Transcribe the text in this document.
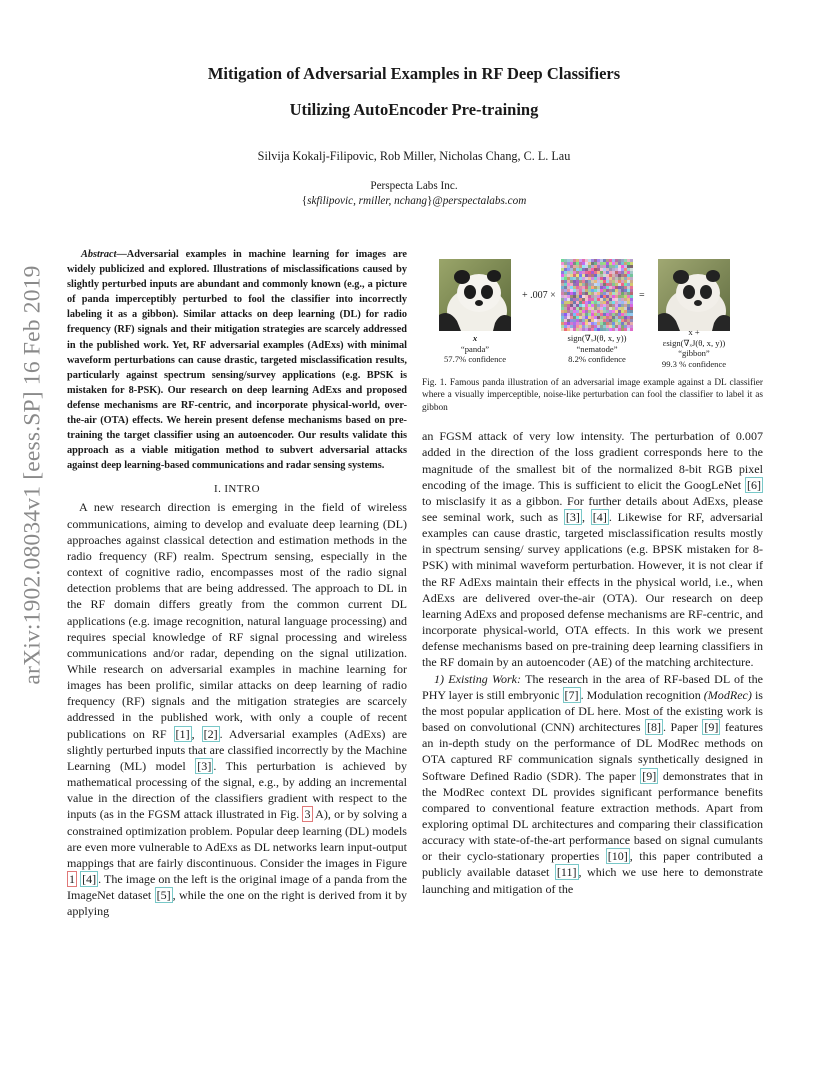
arXiv:1902.08034v1 [eess.SP] 16 Feb 2019
Mitigation of Adversarial Examples in RF Deep Classifiers
Utilizing AutoEncoder Pre-training
Silvija Kokalj-Filipovic, Rob Miller, Nicholas Chang, C. L. Lau
Perspecta Labs Inc.
{skfilipovic, rmiller, nchang}@perspectalabs.com

Abstract—Adversarial examples in machine learning for images are widely publicized and explored. Illustrations of misclassifications caused by slightly perturbed inputs are abundant and commonly known (e.g., a picture of panda imperceptibly perturbed to fool the classifier into incorrectly labeling it as a gibbon). Similar attacks on deep learning (DL) for radio frequency (RF) signals and their mitigation strategies are scarcely addressed in the published work. Yet, RF adversarial examples (AdExs) with minimal waveform perturbations can cause drastic, targeted misclassification results, particularly against spectrum sensing/survey applications (e.g. BPSK is mistaken for 8-PSK). Our research on deep learning AdExs and proposed defense mechanisms are RF-centric, and incorporate physical-world, over-the-air (OTA) effects. We herein present defense mechanisms based on pre-training the target classifier using an autoencoder. Our results validate this approach as a viable mitigation method to subvert adversarial attacks against deep learning-based communications and radar sensing systems.

I. INTRO

A new research direction is emerging in the field of wireless communications, aiming to develop and evaluate deep learning (DL) approaches against classical detection and estimation methods in the radio frequency (RF) realm. Spectrum sensing, especially in the context of cognitive radio, encompasses most of the radio signal detection problems that are being addressed. The approach to DL in the RF domain differs greatly from the common current DL applications (e.g. image recognition, natural language processing) and requires special knowledge of RF signal processing and wireless communications and/or radar, depending on the signal utilization. While research on adversarial examples in machine learning for images has been prolific, similar attacks on deep learning of radio frequency (RF) signals and the mitigation strategies are scarcely addressed in the published work, with only a couple of recent publications on RF [1] , [2] . Adversarial examples (AdExs) are slightly perturbed inputs that are classified incorrectly by the Machine Learning (ML) model [3] . This perturbation is achieved by mathematical processing of the signal, e.g., by adding an incremental value in the direction of the classifiers gradient with respect to the inputs (as in the FGSM attack illustrated in Fig. 3 A), or by solving a constrained optimization problem. Popular deep learning (DL) models are even more vulnerable to AdExs as DL networks learn input-output mappings that are fairly discontinuous. Consider the images in Figure 1 [4] . The image on the left is the original image of a panda from the ImageNet dataset [5] , while the one on the right is derived from it by applying

+ .007 ×	=
x
“panda”
57.7% confidence
sign(∇ₓJ(θ, x, y))
“nematode”
8.2% confidence
x +
εsign(∇ₓJ(θ, x, y))
“gibbon”
99.3 % confidence

Fig. 1. Famous panda illustration of an adversarial image example against a DL classifier where a visually imperceptible, noise-like perturbation can fool the classifier to label it as gibbon

an FGSM attack of very low intensity. The perturbation of 0.007 added in the direction of the loss gradient corresponds here to the magnitude of the smallest bit of the normalized 8-bit RGB pixel encoding of the image. This is sufficient to elicit the GoogLeNet [6] to misclasify it as a gibbon. For further details about AdExs, please see seminal work, such as [3] , [4] . Likewise for RF, adversarial examples can cause drastic, targeted misclassification results mostly in spectrum sensing/ survey applications (e.g. BPSK mistaken for 8-PSK) with minimal waveform perturbation. However, it is not clear if the RF AdExs maintain their effects in the physical world, i.e., when AdExs are delivered over-the-air (OTA). Our research on deep learning AdExs and proposed defense mechanisms are RF-centric, and incorporate physical-world, OTA effects. In this work we present defense mechanisms based on pre-training deep learning classifiers in the RF domain by an autoencoder (AE) of the matching architecture.

1) Existing Work: The research in the area of RF-based DL of the PHY layer is still embryonic [7] . Modulation recognition (ModRec) is the most popular application of DL here. Most of the existing work is based on convolutional (CNN) architectures [8] . Paper [9] features an in-depth study on the performance of DL ModRec methods on OTA captured RF communication signals synthetically designed in Software Defined Radio (SDR). The paper [9] demonstrates that in the ModRec context DL provides significant performance benefits compared to conventional feature extraction methods. Apart from exploring optimal DL architectures and comparing their classification accuracy with state-of-the-art performance based on signal cumulants or their cyclo-stationary properties [10] , this paper contributed a publicly available dataset [11] , which we use here to demonstrate launching and mitigation of the
